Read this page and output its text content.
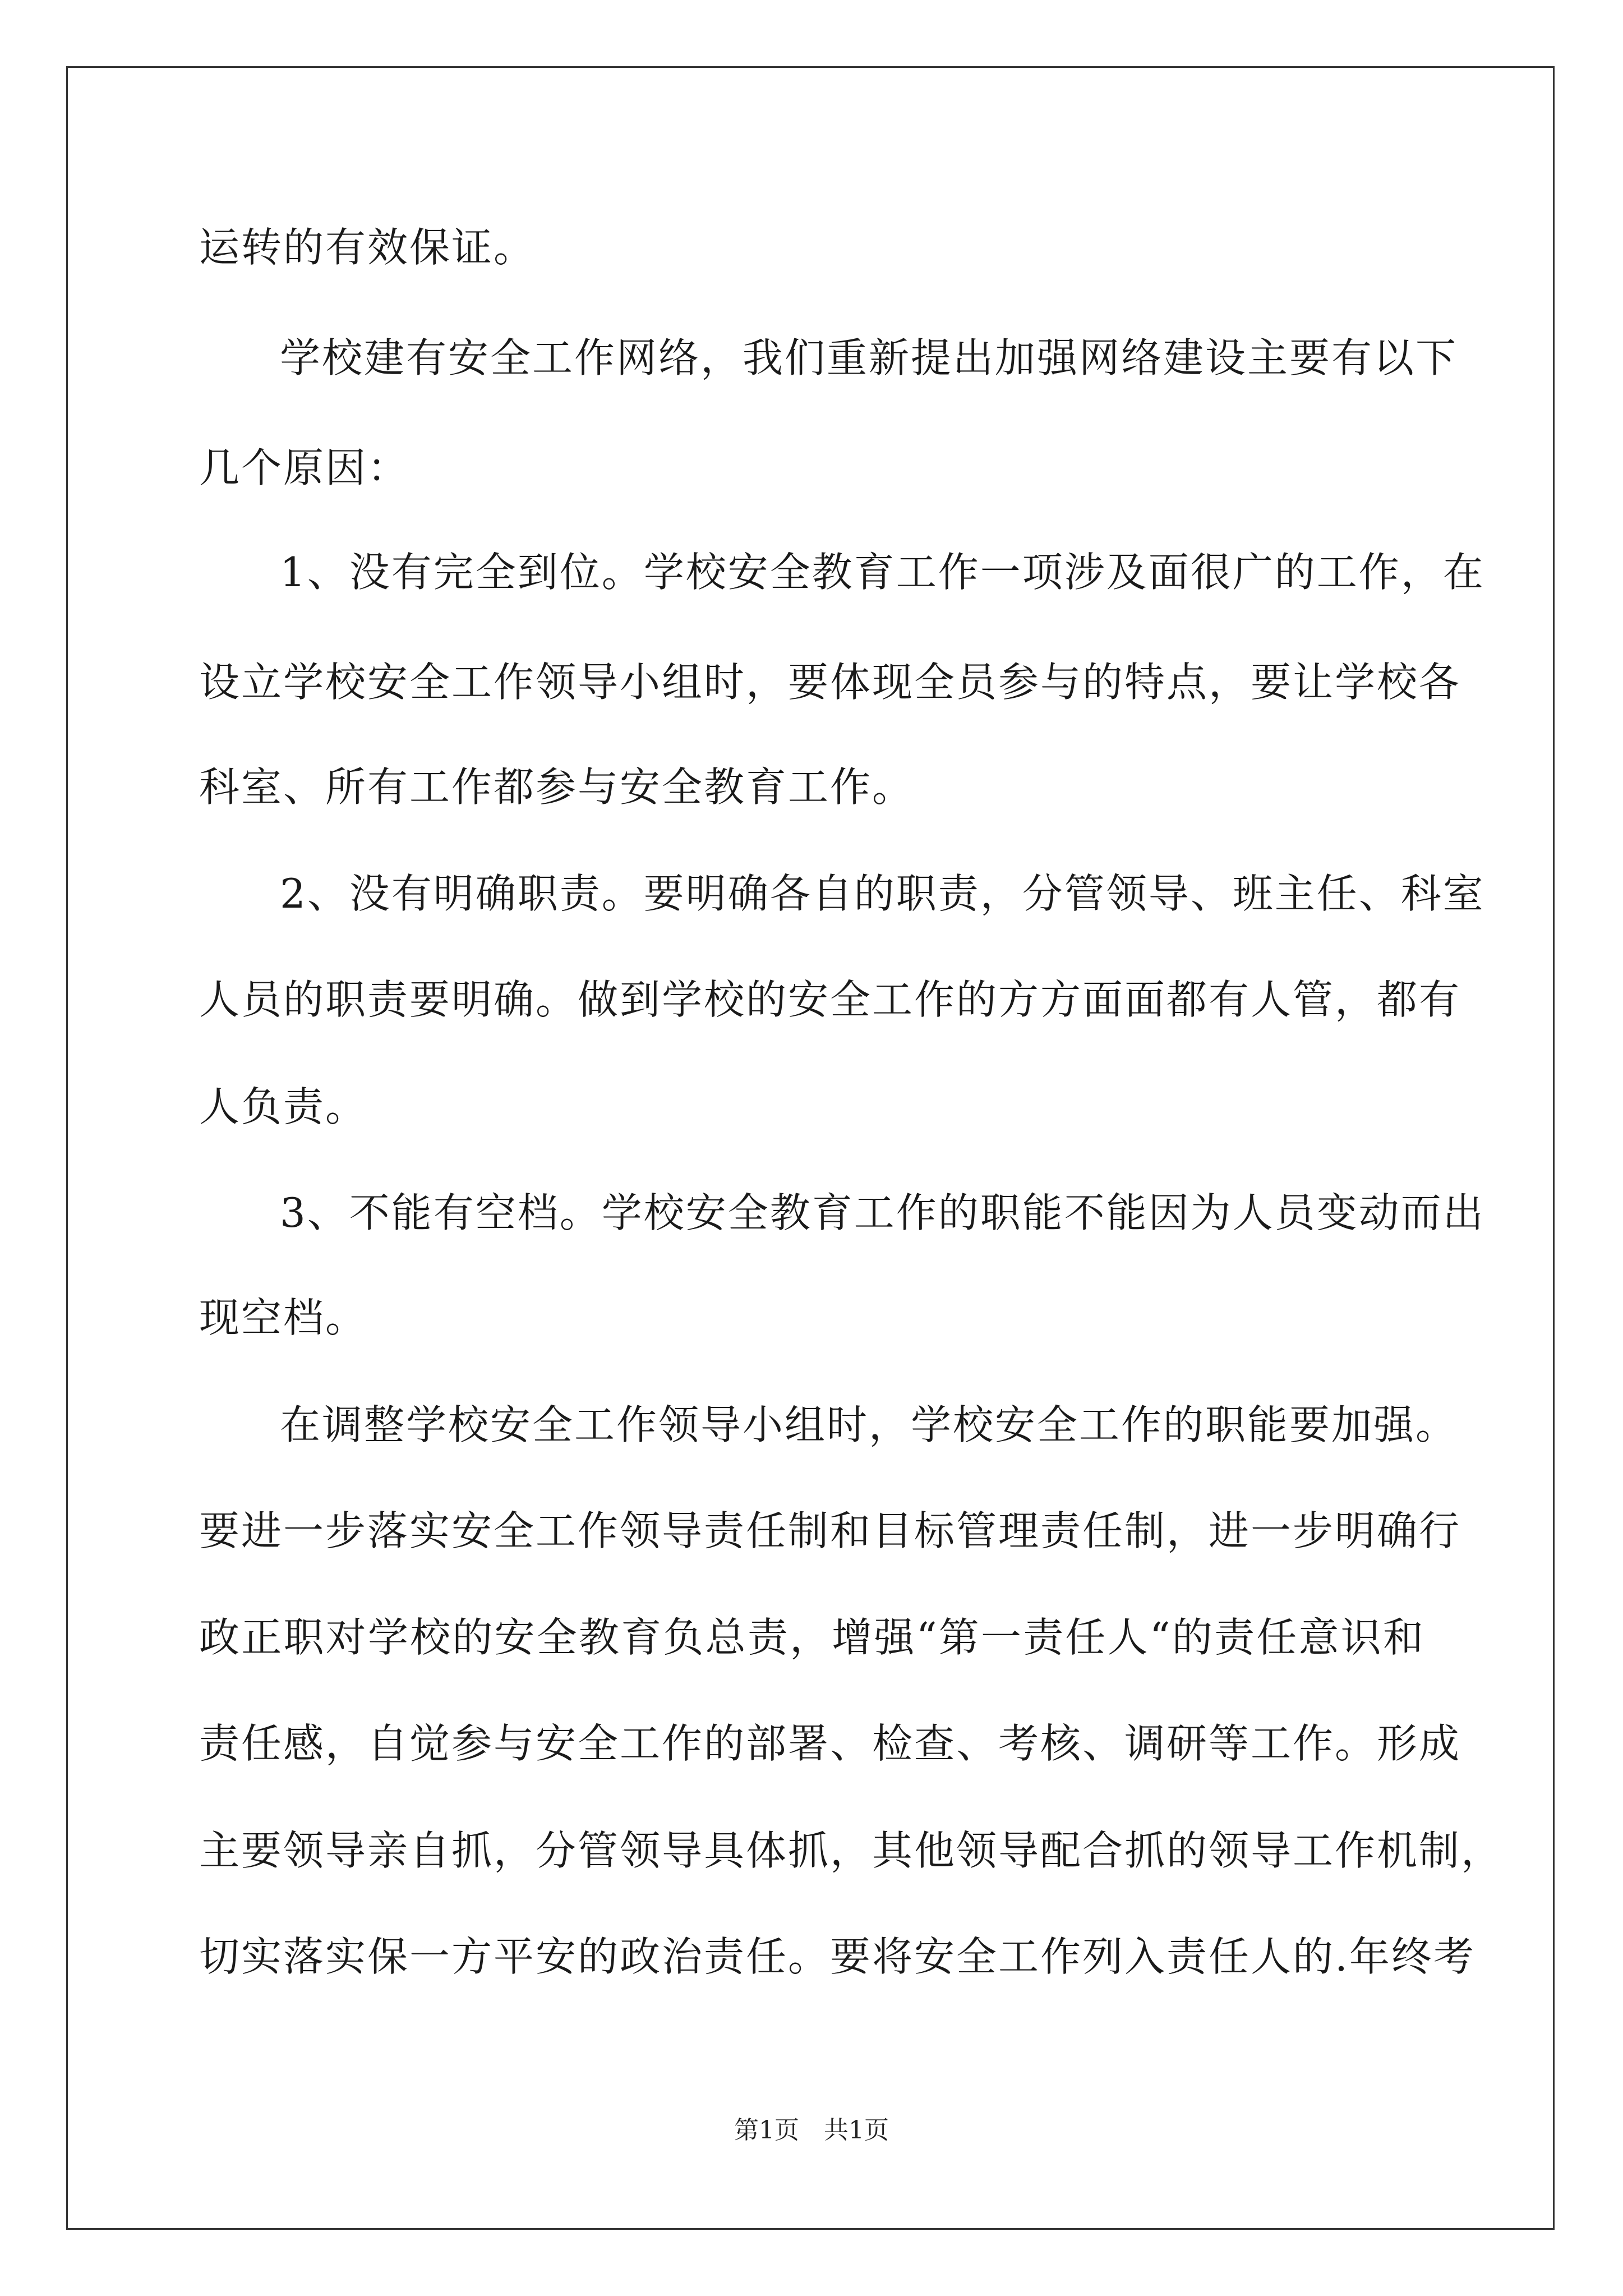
运转的有效保证。
学校建有安全工作网络，我们重新提出加强网络建设主要有以下
几个原因：
1、没有完全到位。学校安全教育工作一项涉及面很广的工作，在
设立学校安全工作领导小组时，要体现全员参与的特点，要让学校各
科室、所有工作都参与安全教育工作。
2、没有明确职责。要明确各自的职责，分管领导、班主任、科室
人员的职责要明确。做到学校的安全工作的方方面面都有人管，都有
人负责。
3、不能有空档。学校安全教育工作的职能不能因为人员变动而出
现空档。
在调整学校安全工作领导小组时，学校安全工作的职能要加强。
要进一步落实安全工作领导责任制和目标管理责任制，进一步明确行
政正职对学校的安全教育负总责，增强“第一责任人“的责任意识和
责任感，自觉参与安全工作的部署、检查、考核、调研等工作。形成
主要领导亲自抓，分管领导具体抓，其他领导配合抓的领导工作机制，
切实落实保一方平安的政治责任。要将安全工作列入责任人的.年终考
第1页 共1页
